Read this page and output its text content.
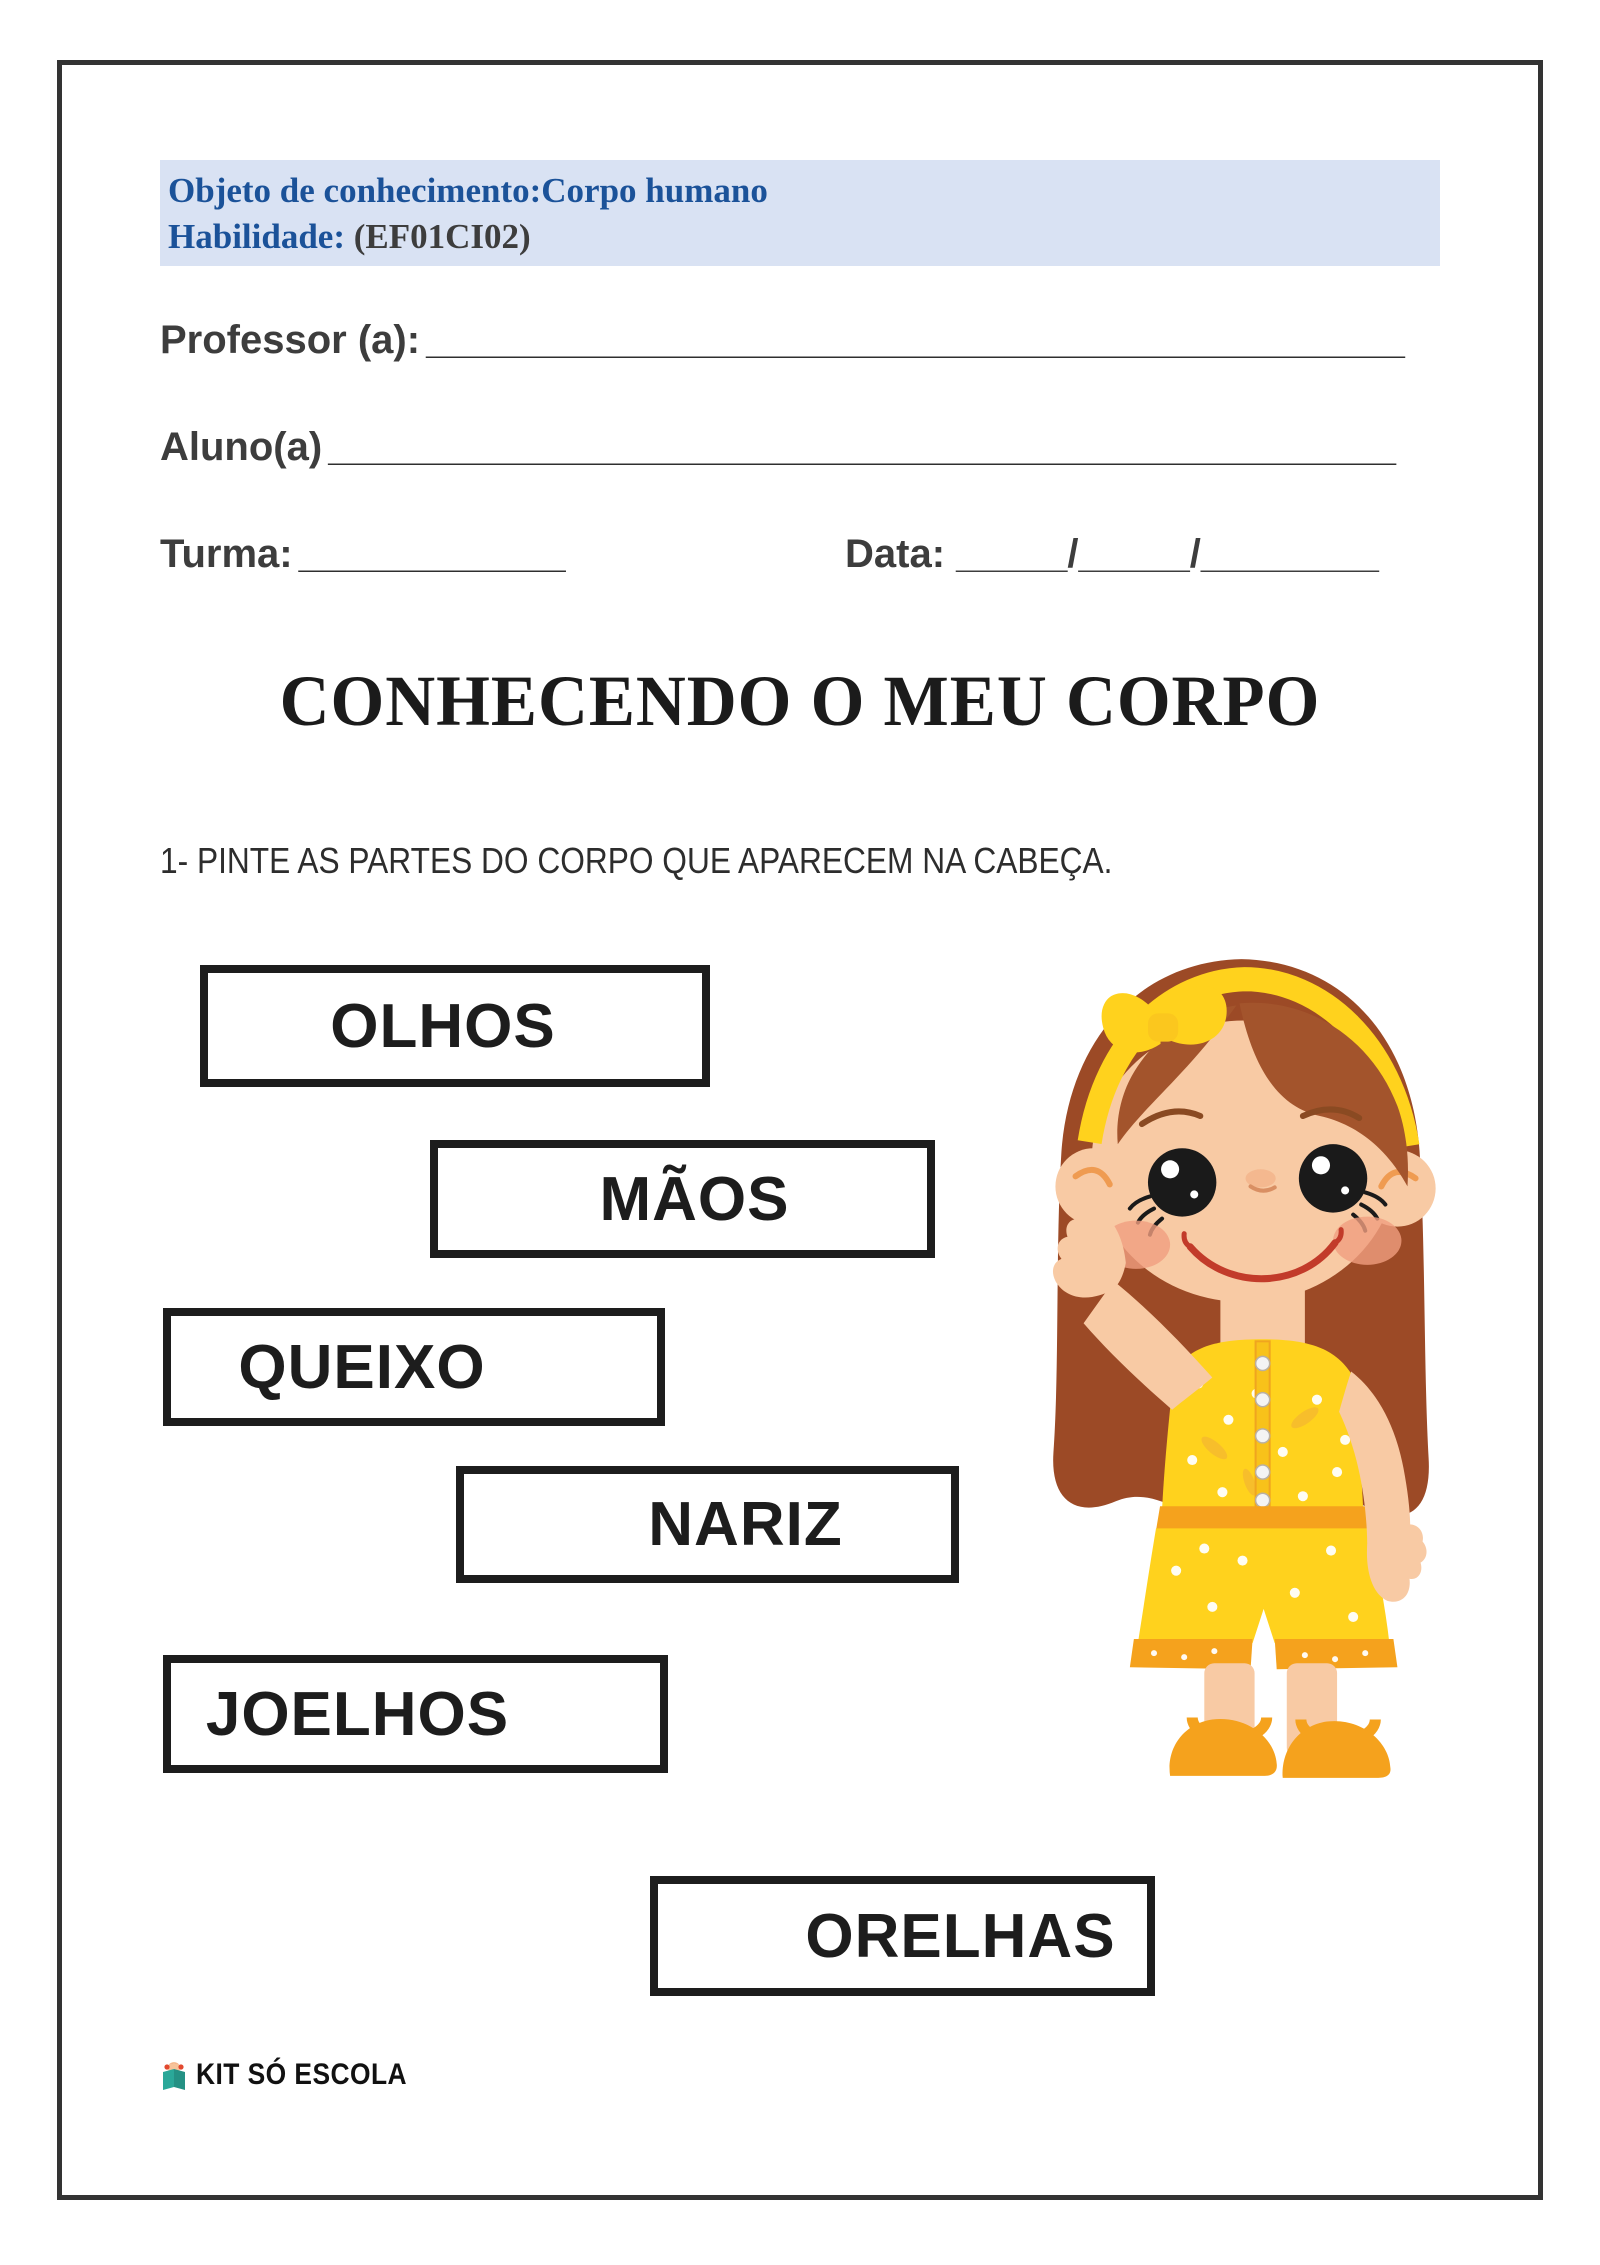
Objeto de conhecimento:Corpo humano
Habilidade: (EF01CI02)
Professor (a): ____________________________________________
Aluno(a) ________________________________________________
Turma: ____________	Data: _____/_____/________
CONHECENDO O MEU CORPO
1- PINTE AS PARTES DO CORPO QUE APARECEM NA CABEÇA.
OLHOS
MÃOS
QUEIXO
NARIZ
JOELHOS
ORELHAS
KIT SÓ ESCOLA
